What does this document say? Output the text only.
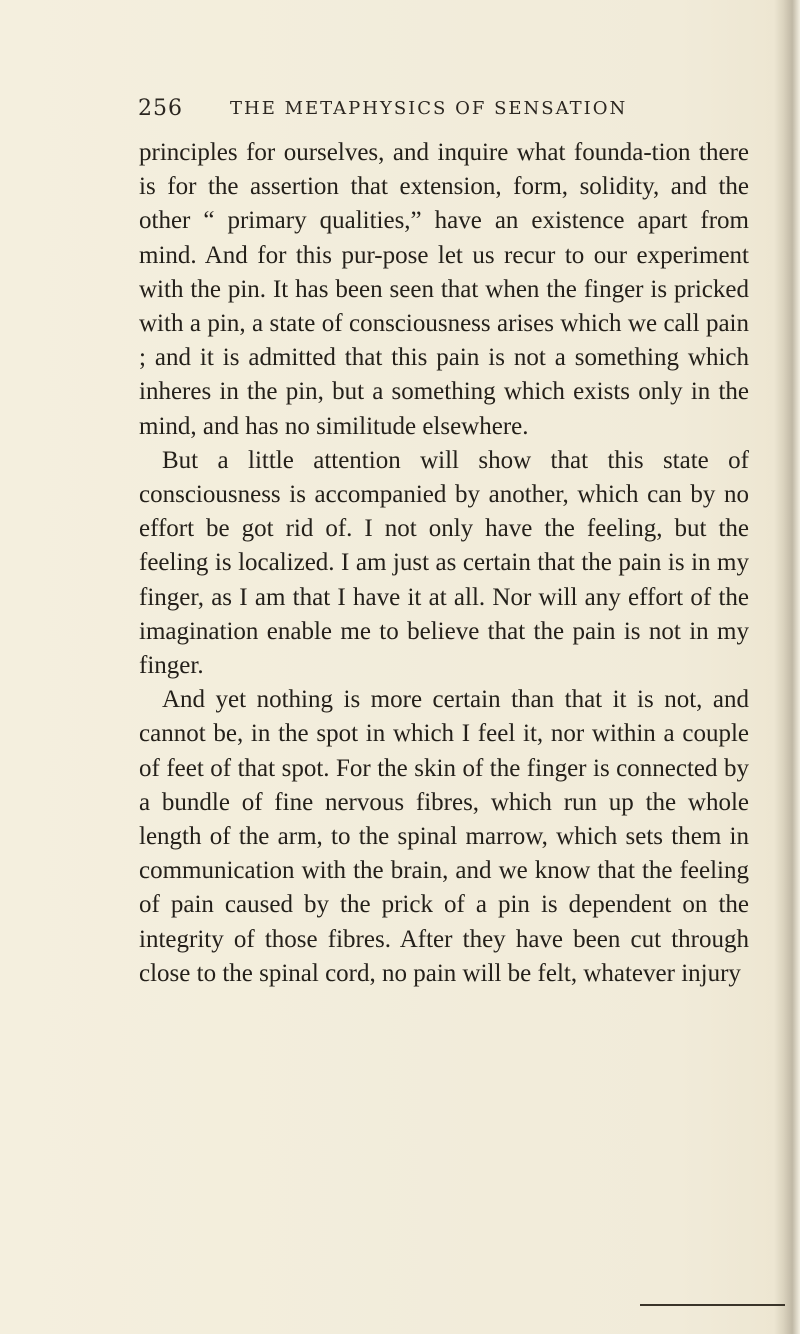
256	THE METAPHYSICS OF SENSATION

principles for ourselves, and inquire what founda-tion there is for the assertion that extension, form, solidity, and the other “ primary qualities,” have an existence apart from mind. And for this pur-pose let us recur to our experiment with the pin. It has been seen that when the finger is pricked with a pin, a state of consciousness arises which we call pain ; and it is admitted that this pain is not a something which inheres in the pin, but a something which exists only in the mind, and has no similitude elsewhere.

But a little attention will show that this state of consciousness is accompanied by another, which can by no effort be got rid of. I not only have the feeling, but the feeling is localized. I am just as certain that the pain is in my finger, as I am that I have it at all. Nor will any effort of the imagination enable me to believe that the pain is not in my finger.

And yet nothing is more certain than that it is not, and cannot be, in the spot in which I feel it, nor within a couple of feet of that spot. For the skin of the finger is connected by a bundle of fine nervous fibres, which run up the whole length of the arm, to the spinal marrow, which sets them in communication with the brain, and we know that the feeling of pain caused by the prick of a pin is dependent on the integrity of those fibres. After they have been cut through close to the spinal cord, no pain will be felt, whatever injury
